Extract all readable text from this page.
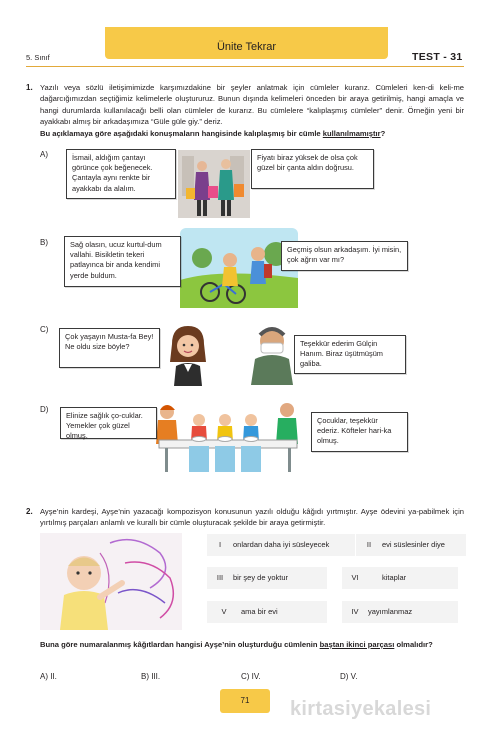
Ünite Tekrar
5. Sınıf	TEST - 31
1. Yazılı veya sözlü iletişimimizde karşımızdakine bir şeyler anlatmak için cümleler kurarız. Cümleleri ken-di keli-me dağarcığımızdan seçtiğimiz kelimelerle oluştururuz. Bunun dışında kelimeleri önceden bir araya getirilmiş, hangi amaçla ve hangi durumlarda kullanılacağı belli olan cümleler de kurarız. Bu cümlelere “kalıplaşmış cümleler” denir. Örneğin yeni bir ayakkabı almış bir arkadaşımıza “Güle güle giy.” deriz.
Bu açıklamaya göre aşağıdaki konuşmaların hangisinde kalıplaşmış bir cümle kullanılmamıştır?
A)	İsmail, aldığım çantayı görünce çok beğenecek. Çantayla aynı renkte bir ayakkabı da alalım.
Fiyatı biraz yüksek de olsa çok güzel bir çanta aldın doğrusu.
B)	Sağ olasın, ucuz kurtul-dum vallahi. Bisikletin tekeri patlayınca bir anda kendimi yerde buldum.
Geçmiş olsun arkadaşım. İyi misin, çok ağrın var mı?
C)
Çok yaşayın Musta-fa Bey! Ne oldu size böyle?	Teşekkür ederim Gülçin Hanım. Biraz üşütmüşüm galiba.
D)
Elinize sağlık ço-cuklar. Yemekler çok güzel olmuş.
Çocuklar, teşekkür ederiz. Köfteler hari-ka olmuş.
2. Ayşe’nin kardeşi, Ayşe’nin yazacağı kompozisyon konusunun yazılı olduğu kâğıdı yırtmıştır. Ayşe ödevini ya-pabilmek için yırtılmış parçaları anlamlı ve kurallı bir cümle oluşturacak şekilde bir araya getirmiştir.
I onlardan daha iyi süsleyecek	II evi süslesinler diye
III bir şey de yoktur	VI	kitaplar
V ama bir evi	IV yayımlanmaz
Buna göre numaralanmış kâğıtlardan hangisi Ayşe’nin oluşturduğu cümlenin baştan ikinci parçası olmalıdır?
A) II.	B) III.	C) IV.	D) V.
71	kirtasiyekalesi
